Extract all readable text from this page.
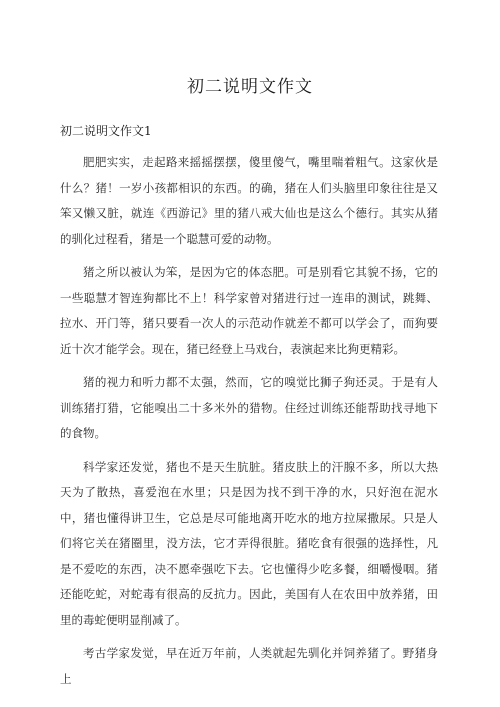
初二说明文作文
初二说明文作文1

肥肥实实，走起路来摇摇摆摆，傻里傻气，嘴里喘着粗气。这家伙是什么？猪！一岁小孩都相识的东西。的确，猪在人们头脑里印象往往是又笨又懒又脏，就连《西游记》里的猪八戒大仙也是这么个德行。其实从猪的驯化过程看，猪是一个聪慧可爱的动物。

猪之所以被认为笨，是因为它的体态肥。可是别看它其貌不扬，它的一些聪慧才智连狗都比不上！科学家曾对猪进行过一连串的测试，跳舞、拉水、开门等，猪只要看一次人的示范动作就差不都可以学会了，而狗要近十次才能学会。现在，猪已经登上马戏台，表演起来比狗更精彩。

猪的视力和听力都不太强，然而，它的嗅觉比狮子狗还灵。于是有人训练猪打猎，它能嗅出二十多米外的猎物。住经过训练还能帮助找寻地下的食物。

科学家还发觉，猪也不是天生肮脏。猪皮肤上的汗腺不多，所以大热天为了散热，喜爱泡在水里；只是因为找不到干净的水，只好泡在泥水中，猪也懂得讲卫生，它总是尽可能地离开吃水的地方拉屎撒尿。只是人们将它关在猪圈里，没方法，它才弄得很脏。猪吃食有很强的选择性，凡是不爱吃的东西，决不愿牵强吃下去。它也懂得少吃多餐，细嚼慢咽。猪还能吃蛇，对蛇毒有很高的反抗力。因此，美国有人在农田中放养猪，田里的毒蛇便明显削减了。

考古学家发觉，早在近万年前，人类就起先驯化并饲养猪了。野猪身上
